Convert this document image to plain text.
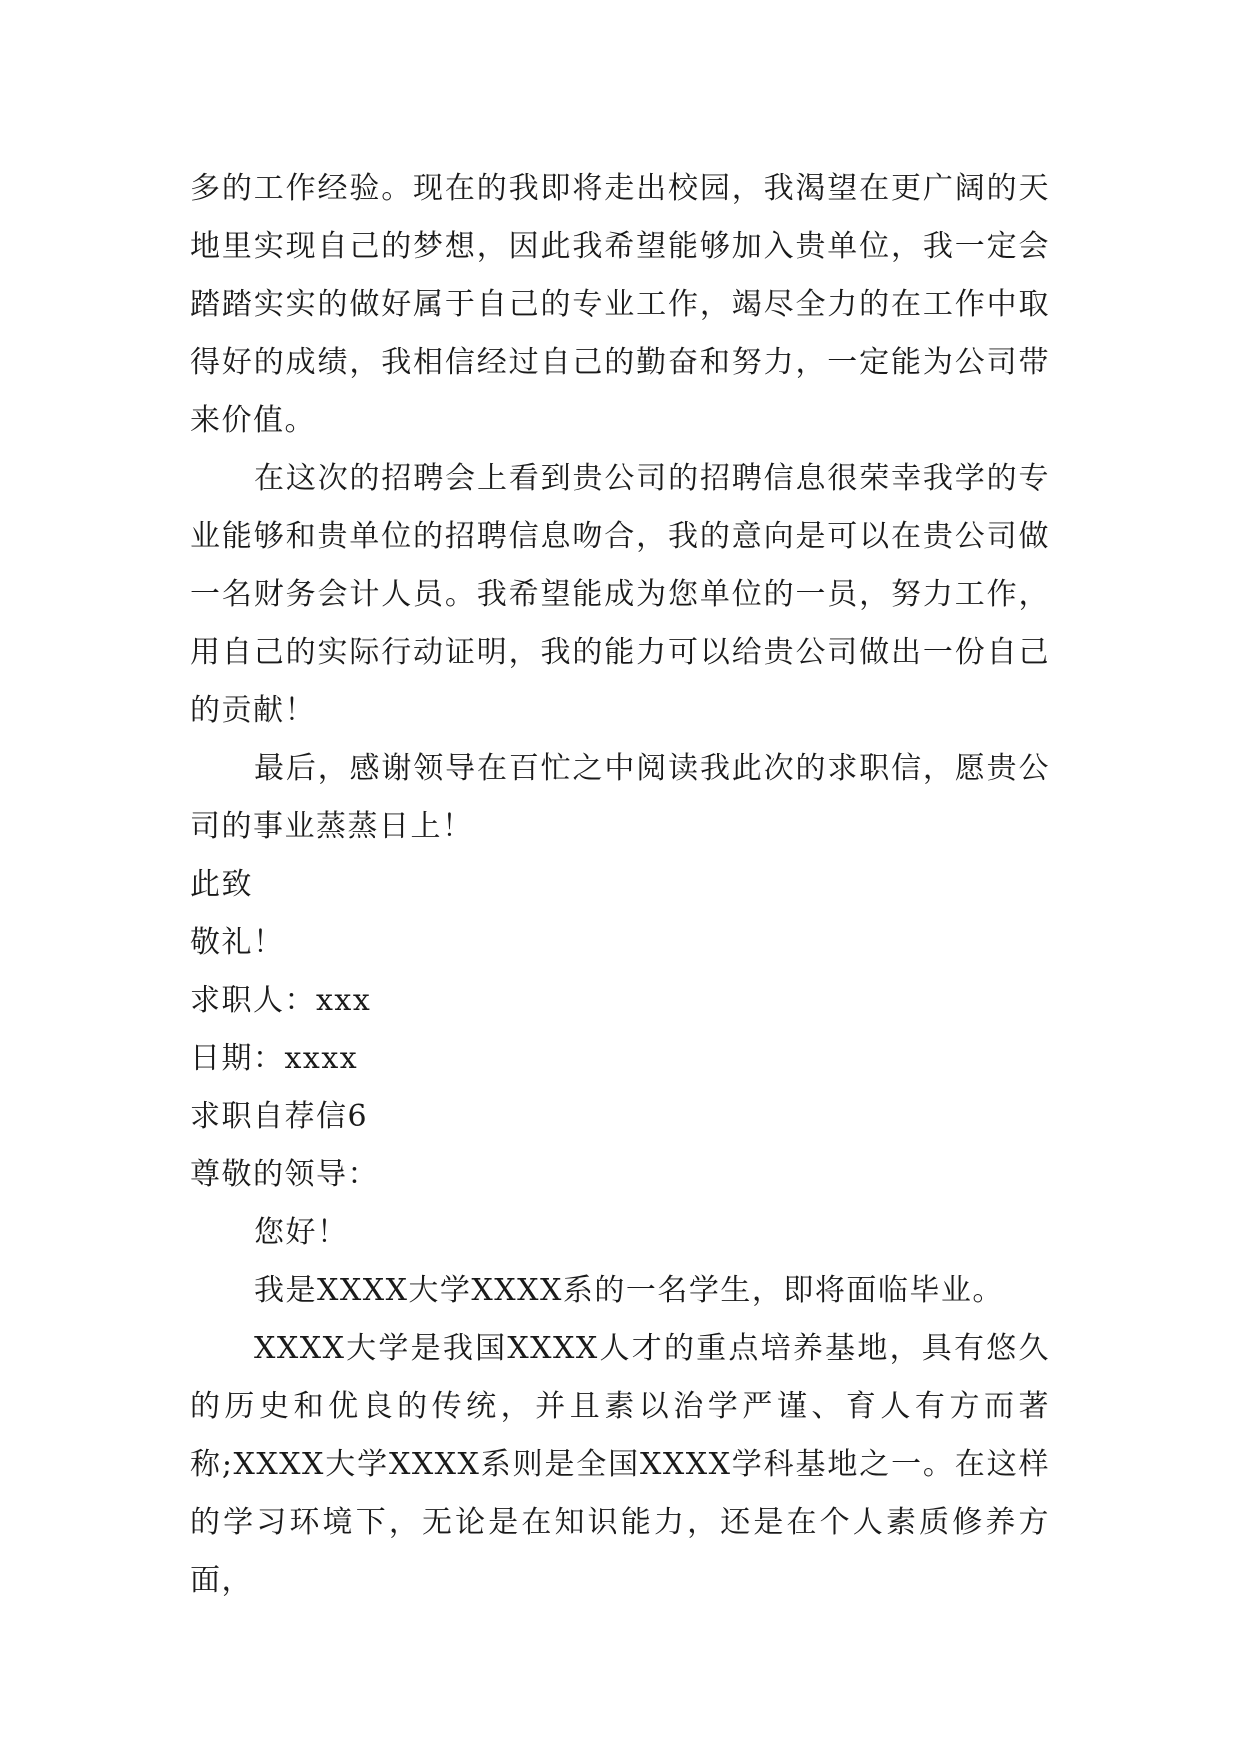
多的工作经验。现在的我即将走出校园，我渴望在更广阔的天地里实现自己的梦想，因此我希望能够加入贵单位，我一定会踏踏实实的做好属于自己的专业工作，竭尽全力的在工作中取得好的成绩，我相信经过自己的勤奋和努力，一定能为公司带来价值。

在这次的招聘会上看到贵公司的招聘信息很荣幸我学的专业能够和贵单位的招聘信息吻合，我的意向是可以在贵公司做一名财务会计人员。我希望能成为您单位的一员，努力工作，用自己的实际行动证明，我的能力可以给贵公司做出一份自己的贡献！

最后，感谢领导在百忙之中阅读我此次的求职信，愿贵公司的事业蒸蒸日上！

此致

敬礼！

求职人：xxx

日期：xxxx

求职自荐信6

尊敬的领导：

您好！

我是XXXX大学XXXX系的一名学生，即将面临毕业。

XXXX大学是我国XXXX人才的重点培养基地，具有悠久的历史和优良的传统，并且素以治学严谨、育人有方而著称;XXXX大学XXXX系则是全国XXXX学科基地之一。在这样的学习环境下，无论是在知识能力，还是在个人素质修养方面，
